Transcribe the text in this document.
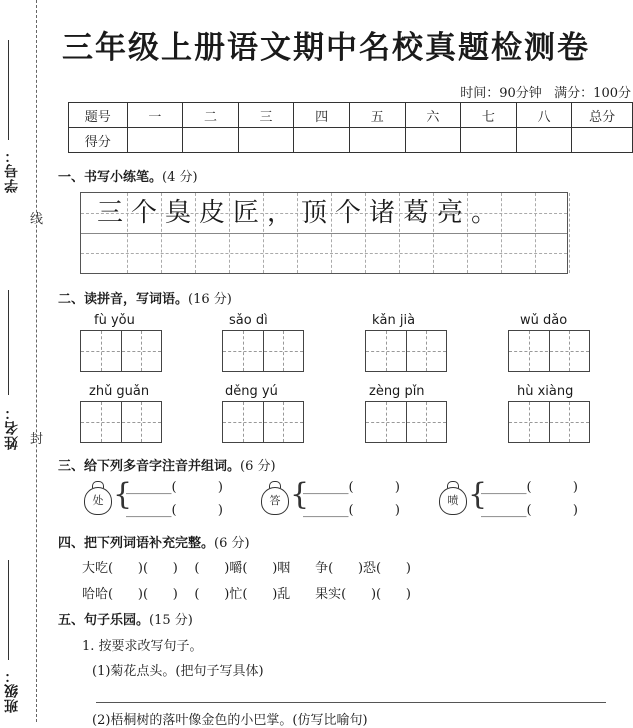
学号：
线
姓名： 封
班级：
三年级上册语文期中名校真题检测卷
时间：90分钟 满分：100分
题号	一	二	三	四	五	六	七	八	总分
得分									
一、书写小练笔。(4 分)
三 个 臭 皮 匠 ， 顶 个 诸 葛 亮 。
二、读拼音，写词语。(16 分)
fù yǒu	sǎo dì	kǎn jià	wǔ dǎo
zhǔ guǎn	děng yú	zèng pǐn	hù xiàng
三、给下列多音字注音并组词。(6 分)
处 {
_______(          )
_______(          )
答 {
_______(          )
_______(          )
喷 {
_______(          )
_______(          )
四、把下列词语补充完整。(6 分)
大吃(      )(      )    (      )嚼(      )咽      争(      )恐(      )
哈哈(      )(      )    (      )忙(      )乱      果实(      )(      )
五、句子乐园。(15 分)
1. 按要求改写句子。
(1)菊花点头。(把句子写具体)
(2)梧桐树的落叶像金色的小巴掌。(仿写比喻句)
